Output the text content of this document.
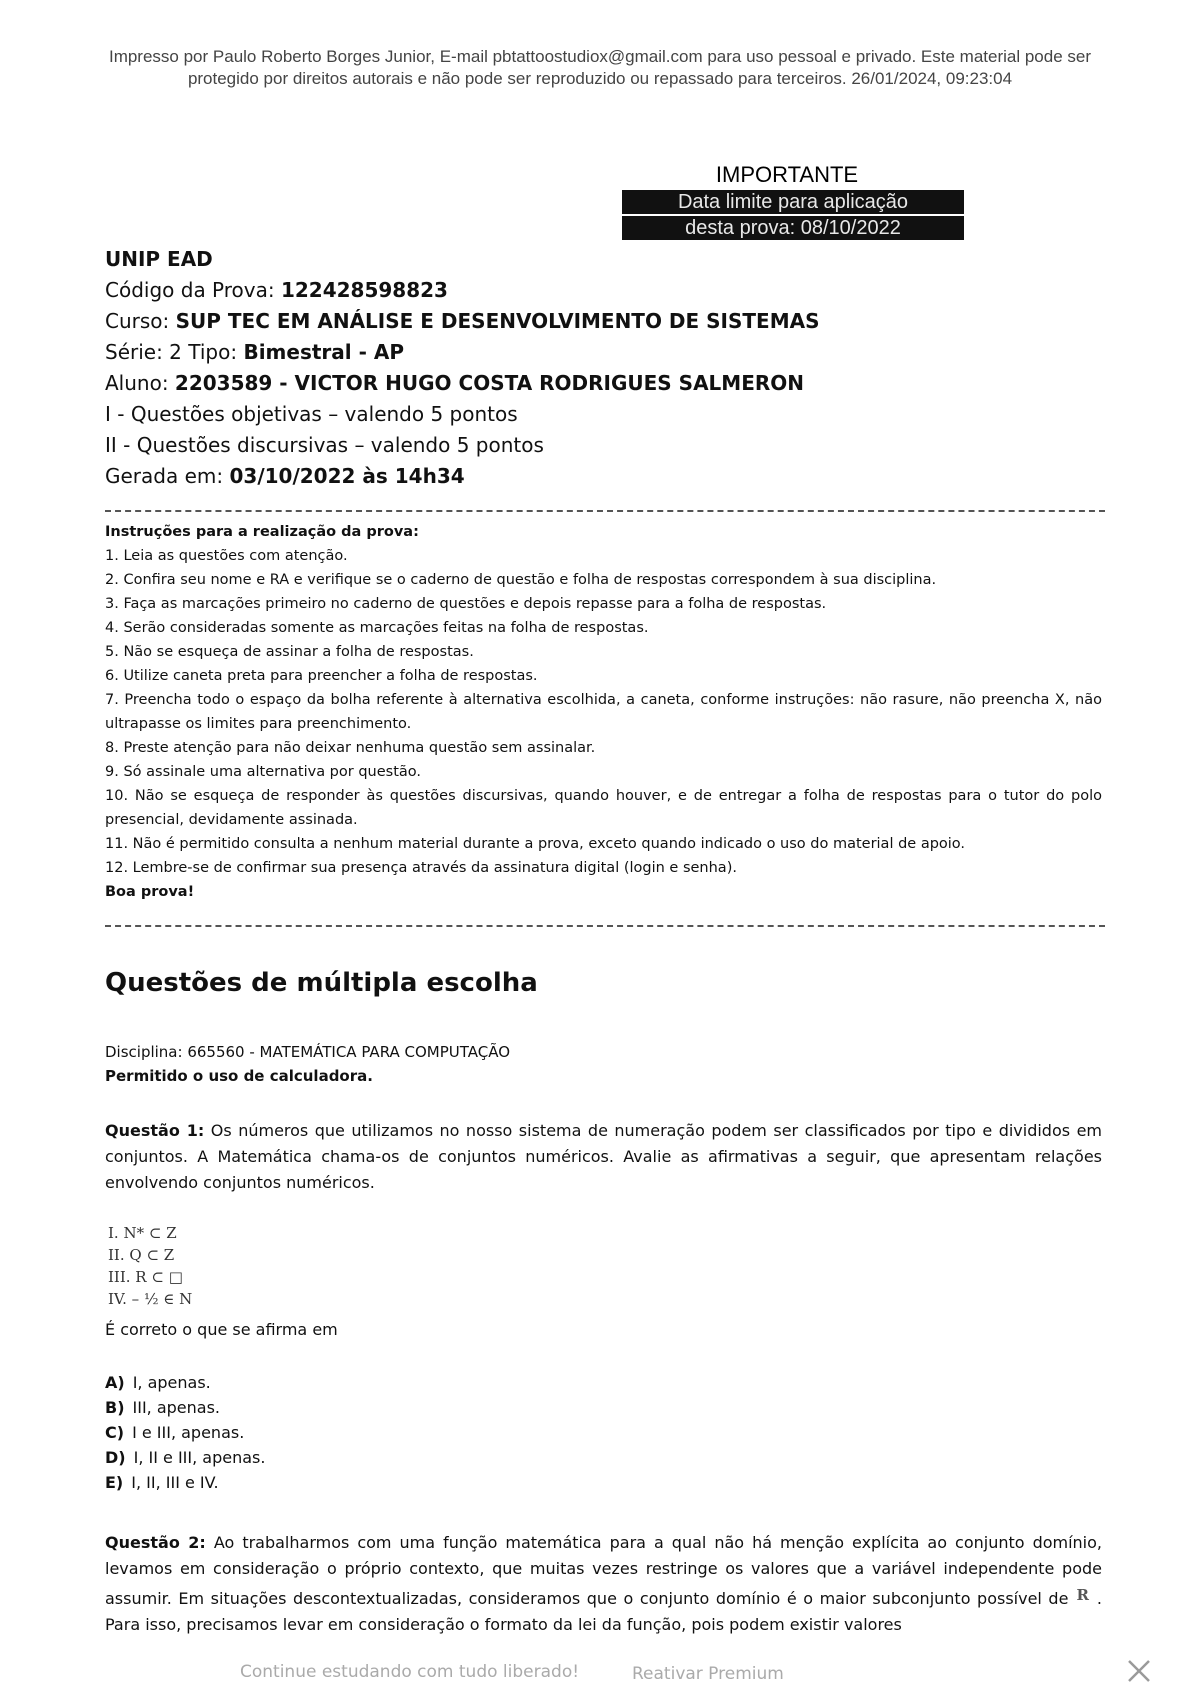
Impresso por Paulo Roberto Borges Junior, E-mail pbtattoostudiox@gmail.com para uso pessoal e privado. Este material pode ser
protegido por direitos autorais e não pode ser reproduzido ou repassado para terceiros. 26/01/2024, 09:23:04
IMPORTANTE
Data limite para aplicação
desta prova: 08/10/2022
UNIP EAD
Código da Prova: 122428598823
Curso: SUP TEC EM ANÁLISE E DESENVOLVIMENTO DE SISTEMAS
Série: 2 Tipo: Bimestral - AP
Aluno: 2203589 - VICTOR HUGO COSTA RODRIGUES SALMERON
I - Questões objetivas – valendo 5 pontos
II - Questões discursivas – valendo 5 pontos
Gerada em: 03/10/2022 às 14h34

Instruções para a realização da prova:

1. Leia as questões com atenção.

2. Confira seu nome e RA e verifique se o caderno de questão e folha de respostas correspondem à sua disciplina.

3. Faça as marcações primeiro no caderno de questões e depois repasse para a folha de respostas.

4. Serão consideradas somente as marcações feitas na folha de respostas.

5. Não se esqueça de assinar a folha de respostas.

6. Utilize caneta preta para preencher a folha de respostas.

7. Preencha todo o espaço da bolha referente à alternativa escolhida, a caneta, conforme instruções: não rasure, não preencha X, não ultrapasse os limites para preenchimento.

8. Preste atenção para não deixar nenhuma questão sem assinalar.

9. Só assinale uma alternativa por questão.

10. Não se esqueça de responder às questões discursivas, quando houver, e de entregar a folha de respostas para o tutor do polo presencial, devidamente assinada.

11. Não é permitido consulta a nenhum material durante a prova, exceto quando indicado o uso do material de apoio.

12. Lembre-se de confirmar sua presença através da assinatura digital (login e senha).

Boa prova!

Questões de múltipla escolha
Disciplina: 665560 - MATEMÁTICA PARA COMPUTAÇÃO
Permitido o uso de calculadora.
Questão 1: Os números que utilizamos no nosso sistema de numeração podem ser classificados por tipo e divididos em conjuntos. A Matemática chama-os de conjuntos numéricos. Avalie as afirmativas a seguir, que apresentam relações envolvendo conjuntos numéricos.
I. N* ⊂ Z
II. Q ⊂ Z
III. R ⊂ □
IV. – ½ ∈ N
É correto o que se afirma em
A) I, apenas.
B) III, apenas.
C) I e III, apenas.
D) I, II e III, apenas.
E) I, II, III e IV.
Questão 2: Ao trabalharmos com uma função matemática para a qual não há menção explícita ao conjunto domínio, levamos em consideração o próprio contexto, que muitas vezes restringe os valores que a variável independente pode assumir. Em situações descontextualizadas, consideramos que o conjunto domínio é o maior subconjunto possível de R . Para isso, precisamos levar em consideração o formato da lei da função, pois podem existir valores
Continue estudando com tudo liberado!	Reativar Premium
